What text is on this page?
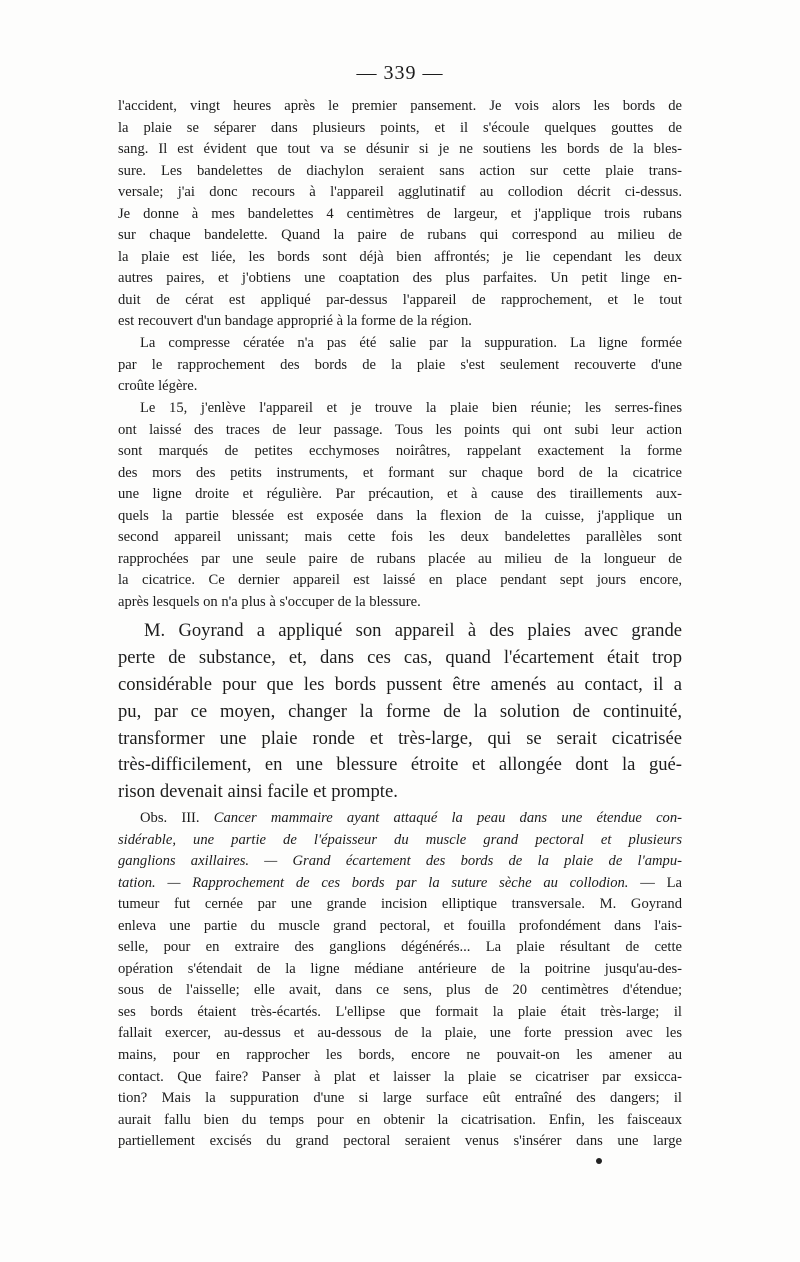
— 339 —
l'accident, vingt heures après le premier pansement. Je vois alors les bords de
la plaie se séparer dans plusieurs points, et il s'écoule quelques gouttes de
sang. Il est évident que tout va se désunir si je ne soutiens les bords de la bles-
sure. Les bandelettes de diachylon seraient sans action sur cette plaie trans-
versale; j'ai donc recours à l'appareil agglutinatif au collodion décrit ci-dessus.
Je donne à mes bandelettes 4 centimètres de largeur, et j'applique trois rubans
sur chaque bandelette. Quand la paire de rubans qui correspond au milieu de
la plaie est liée, les bords sont déjà bien affrontés; je lie cependant les deux
autres paires, et j'obtiens une coaptation des plus parfaites. Un petit linge en-
duit de cérat est appliqué par-dessus l'appareil de rapprochement, et le tout
est recouvert d'un bandage approprié à la forme de la région.
La compresse cératée n'a pas été salie par la suppuration. La ligne formée
par le rapprochement des bords de la plaie s'est seulement recouverte d'une
croûte légère.
Le 15, j'enlève l'appareil et je trouve la plaie bien réunie; les serres-fines
ont laissé des traces de leur passage. Tous les points qui ont subi leur action
sont marqués de petites ecchymoses noirâtres, rappelant exactement la forme
des mors des petits instruments, et formant sur chaque bord de la cicatrice
une ligne droite et régulière. Par précaution, et à cause des tiraillements aux-
quels la partie blessée est exposée dans la flexion de la cuisse, j'applique un
second appareil unissant; mais cette fois les deux bandelettes parallèles sont
rapprochées par une seule paire de rubans placée au milieu de la longueur de
la cicatrice. Ce dernier appareil est laissé en place pendant sept jours encore,
après lesquels on n'a plus à s'occuper de la blessure.
M. Goyrand a appliqué son appareil à des plaies avec grande
perte de substance, et, dans ces cas, quand l'écartement était trop
considérable pour que les bords pussent être amenés au contact, il a
pu, par ce moyen, changer la forme de la solution de continuité,
transformer une plaie ronde et très-large, qui se serait cicatrisée
très-difficilement, en une blessure étroite et allongée dont la gué-
rison devenait ainsi facile et prompte.
Obs. III. Cancer mammaire ayant attaqué la peau dans une étendue con-
sidérable, une partie de l'épaisseur du muscle grand pectoral et plusieurs
ganglions axillaires. — Grand écartement des bords de la plaie de l'ampu-
tation. — Rapprochement de ces bords par la suture sèche au collodion. — La
tumeur fut cernée par une grande incision elliptique transversale. M. Goyrand
enleva une partie du muscle grand pectoral, et fouilla profondément dans l'ais-
selle, pour en extraire des ganglions dégénérés... La plaie résultant de cette
opération s'étendait de la ligne médiane antérieure de la poitrine jusqu'au-des-
sous de l'aisselle; elle avait, dans ce sens, plus de 20 centimètres d'étendue;
ses bords étaient très-écartés. L'ellipse que formait la plaie était très-large; il
fallait exercer, au-dessus et au-dessous de la plaie, une forte pression avec les
mains, pour en rapprocher les bords, encore ne pouvait-on les amener au
contact. Que faire? Panser à plat et laisser la plaie se cicatriser par exsicca-
tion? Mais la suppuration d'une si large surface eût entraîné des dangers; il
aurait fallu bien du temps pour en obtenir la cicatrisation. Enfin, les faisceaux
partiellement excisés du grand pectoral seraient venus s'insérer dans une large
